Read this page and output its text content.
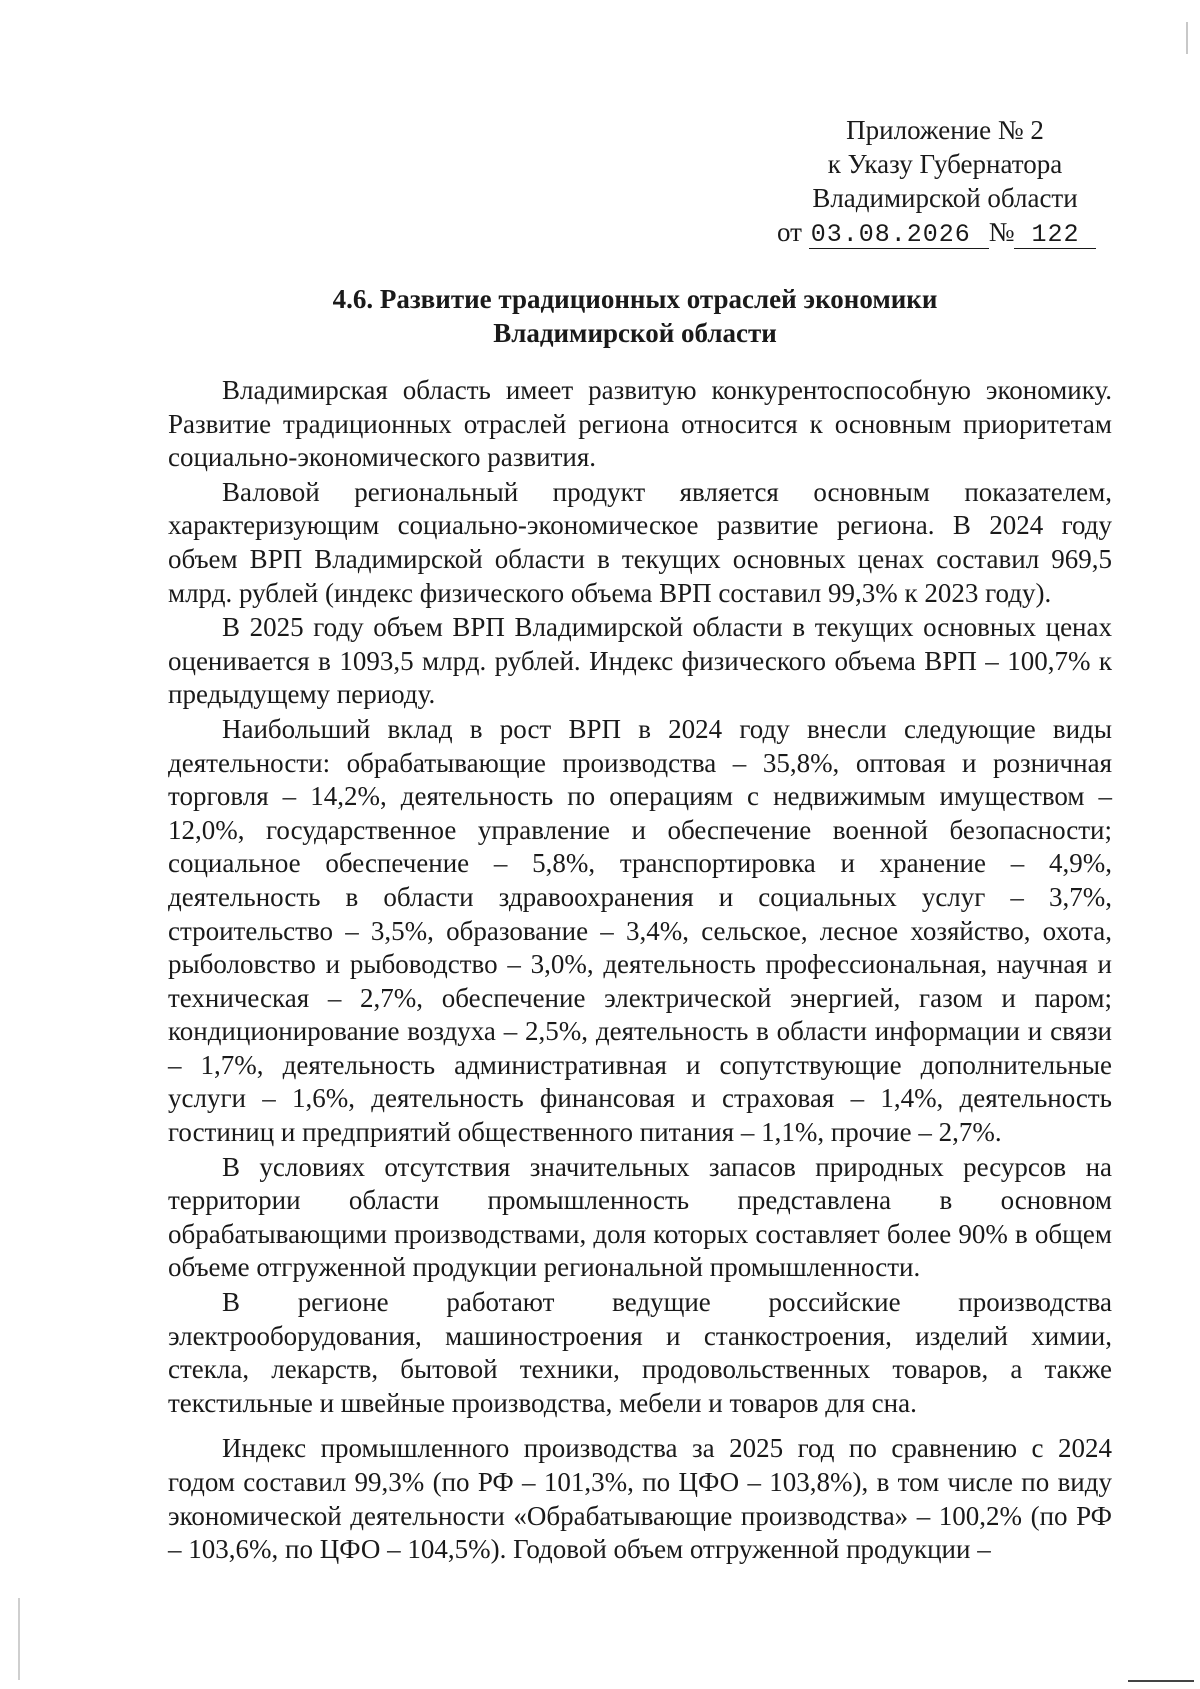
Приложение № 2
к Указу Губернатора
Владимирской области
от 03.08.2026 № 122
4.6. Развитие традиционных отраслей экономики
Владимирской области

Владимирская область имеет развитую конкурентоспособную экономику. Развитие традиционных отраслей региона относится к основным приоритетам социально-экономического развития.

Валовой региональный продукт является основным показателем, характеризующим социально-экономическое развитие региона. В 2024 году объем ВРП Владимирской области в текущих основных ценах составил 969,5 млрд. рублей (индекс физического объема ВРП составил 99,3% к 2023 году).

В 2025 году объем ВРП Владимирской области в текущих основных ценах оценивается в 1093,5 млрд. рублей. Индекс физического объема ВРП – 100,7% к предыдущему периоду.

Наибольший вклад в рост ВРП в 2024 году внесли следующие виды деятельности: обрабатывающие производства – 35,8%, оптовая и розничная торговля – 14,2%, деятельность по операциям с недвижимым имуществом – 12,0%, государственное управление и обеспечение военной безопасности; социальное обеспечение – 5,8%, транспортировка и хранение – 4,9%, деятельность в области здравоохранения и социальных услуг – 3,7%, строительство – 3,5%, образование – 3,4%, сельское, лесное хозяйство, охота, рыболовство и рыбоводство – 3,0%, деятельность профессиональная, научная и техническая – 2,7%, обеспечение электрической энергией, газом и паром; кондиционирование воздуха – 2,5%, деятельность в области информации и связи – 1,7%, деятельность административная и сопутствующие дополнительные услуги – 1,6%, деятельность финансовая и страховая – 1,4%, деятельность гостиниц и предприятий общественного питания – 1,1%, прочие – 2,7%.

В условиях отсутствия значительных запасов природных ресурсов на территории области промышленность представлена в основном обрабатывающими производствами, доля которых составляет более 90% в общем объеме отгруженной продукции региональной промышленности.

В регионе работают ведущие российские производства электрооборудования, машиностроения и станкостроения, изделий химии, стекла, лекарств, бытовой техники, продовольственных товаров, а также текстильные и швейные производства, мебели и товаров для сна.

Индекс промышленного производства за 2025 год по сравнению с 2024 годом составил 99,3% (по РФ – 101,3%, по ЦФО – 103,8%), в том числе по виду экономической деятельности «Обрабатывающие производства» – 100,2% (по РФ – 103,6%, по ЦФО – 104,5%). Годовой объем отгруженной продукции –
